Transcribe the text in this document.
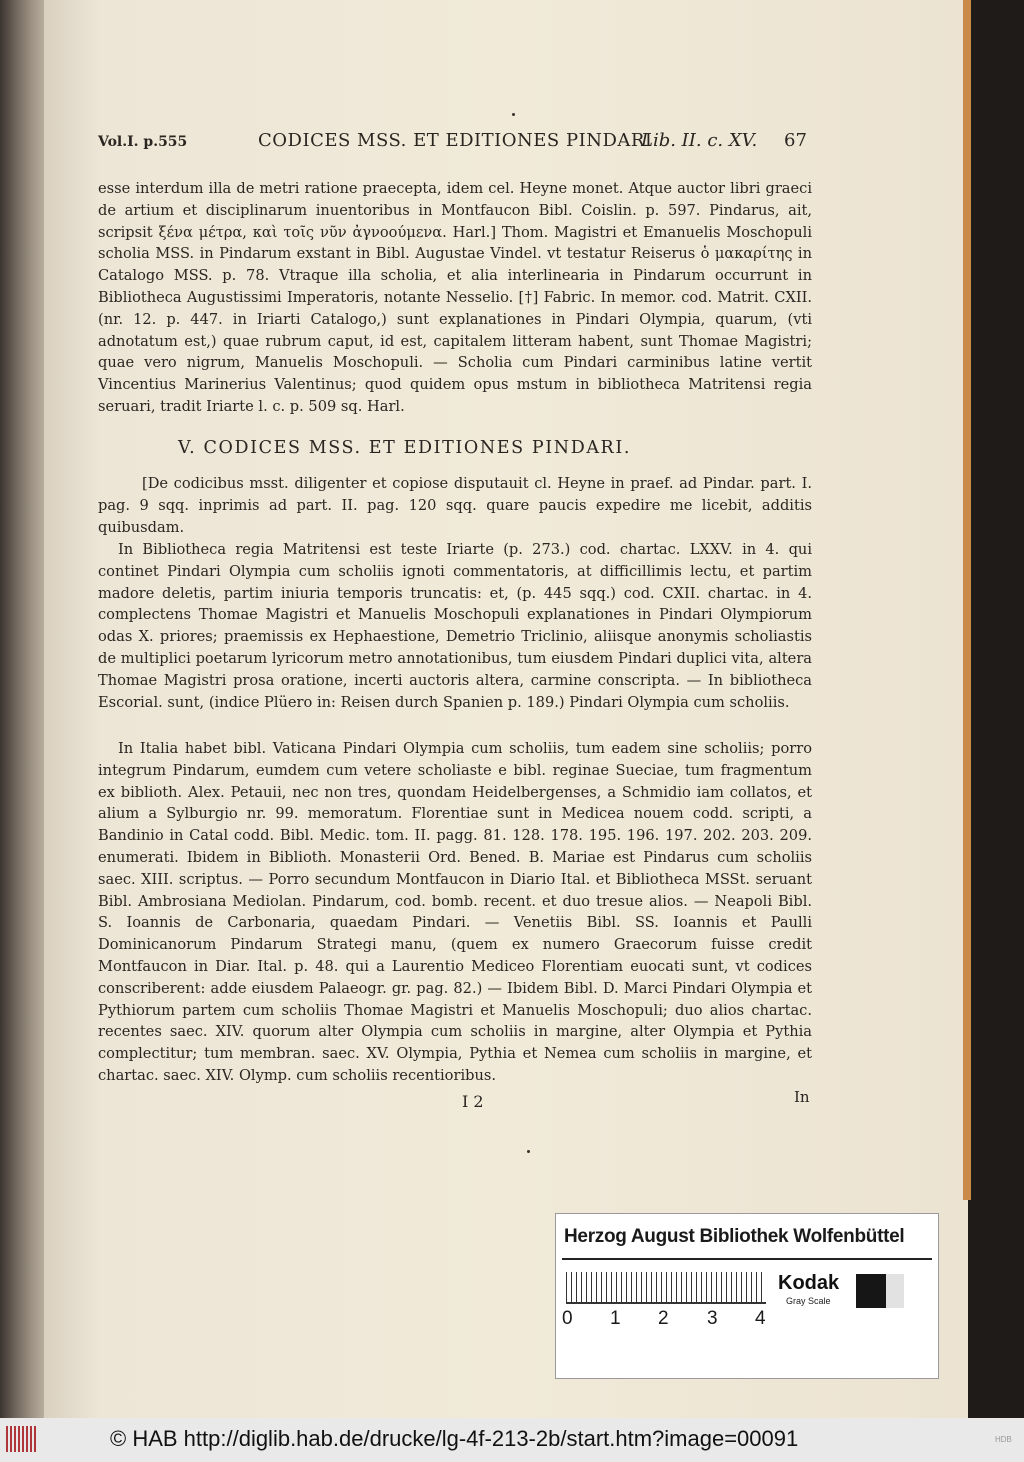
Vol.I. p.555	CODICES MSS. ET EDITIONES PINDARI
Lib. II. c. XV. 67
esse interdum illa de metri ratione praecepta, idem cel. Heyne monet. Atque auctor libri graeci de artium et disciplinarum inuentoribus in Montfaucon Bibl. Coislin. p. 597. Pindarus, ait, scripsit ξένα μέτρα, καὶ τοῖς νῦν ἀγνοούμενα. Harl.] Thom. Magistri et Emanuelis Moschopuli scholia MSS. in Pindarum exstant in Bibl. Augustae Vindel. vt testatur Reiserus ὁ μακαρίτης in Catalogo MSS. p. 78. Vtraque illa scholia, et alia interlinearia in Pindarum occurrunt in Bibliotheca Augustissimi Imperatoris, notante Nesselio. [†] Fabric. In memor. cod. Matrit. CXII. (nr. 12. p. 447. in Iriarti Catalogo,) sunt explanationes in Pindari Olympia, quarum, (vti adnotatum est,) quae rubrum caput, id est, capitalem litteram habent, sunt Thomae Magistri; quae vero nigrum, Manuelis Moschopuli. — Scholia cum Pindari carminibus latine vertit Vincentius Marinerius Valentinus; quod quidem opus mstum in bibliotheca Matritensi regia seruari, tradit Iriarte l. c. p. 509 sq. Harl.
V. CODICES MSS. ET EDITIONES PINDARI.
[De codicibus msst. diligenter et copiose disputauit cl. Heyne in praef. ad Pindar. part. I. pag. 9 sqq. inprimis ad part. II. pag. 120 sqq. quare paucis expedire me licebit, additis quibusdam.
In Bibliotheca regia Matritensi est teste Iriarte (p. 273.) cod. chartac. LXXV. in 4. qui continet Pindari Olympia cum scholiis ignoti commentatoris, at difficillimis lectu, et partim madore deletis, partim iniuria temporis truncatis: et, (p. 445 sqq.) cod. CXII. chartac. in 4. complectens Thomae Magistri et Manuelis Moschopuli explanationes in Pindari Olympiorum odas X. priores; praemissis ex Hephaestione, Demetrio Triclinio, aliisque anonymis scholiastis de multiplici poetarum lyricorum metro annotationibus, tum eiusdem Pindari duplici vita, altera Thomae Magistri prosa oratione, incerti auctoris altera, carmine conscripta. — In bibliotheca Escorial. sunt, (indice Plüero in: Reisen durch Spanien p. 189.) Pindari Olympia cum scholiis.
In Italia habet bibl. Vaticana Pindari Olympia cum scholiis, tum eadem sine scholiis; porro integrum Pindarum, eumdem cum vetere scholiaste e bibl. reginae Sueciae, tum fragmentum ex biblioth. Alex. Petauii, nec non tres, quondam Heidelbergenses, a Schmidio iam collatos, et alium a Sylburgio nr. 99. memoratum. Florentiae sunt in Medicea nouem codd. scripti, a Bandinio in Catal codd. Bibl. Medic. tom. II. pagg. 81. 128. 178. 195. 196. 197. 202. 203. 209. enumerati. Ibidem in Biblioth. Monasterii Ord. Bened. B. Mariae est Pindarus cum scholiis saec. XIII. scriptus. — Porro secundum Montfaucon in Diario Ital. et Bibliotheca MSSt. seruant Bibl. Ambrosiana Mediolan. Pindarum, cod. bomb. recent. et duo tresue alios. — Neapoli Bibl. S. Ioannis de Carbonaria, quaedam Pindari. — Venetiis Bibl. SS. Ioannis et Paulli Dominicanorum Pindarum Strategi manu, (quem ex numero Graecorum fuisse credit Montfaucon in Diar. Ital. p. 48. qui a Laurentio Mediceo Florentiam euocati sunt, vt codices conscriberent: adde eiusdem Palaeogr. gr. pag. 82.) — Ibidem Bibl. D. Marci Pindari Olympia et Pythiorum partem cum scholiis Thomae Magistri et Manuelis Moschopuli; duo alios chartac. recentes saec. XIV. quorum alter Olympia cum scholiis in margine, alter Olympia et Pythia complectitur; tum membran. saec. XV. Olympia, Pythia et Nemea cum scholiis in margine, et chartac. saec. XIV. Olymp. cum scholiis recentioribus.
I 2	In
Herzog August Bibliothek Wolfenbüttel
0 1 2 3 4
Kodak
Gray Scale
© HAB http://diglib.hab.de/drucke/lg-4f-213-2b/start.htm?image=00091	HDB
